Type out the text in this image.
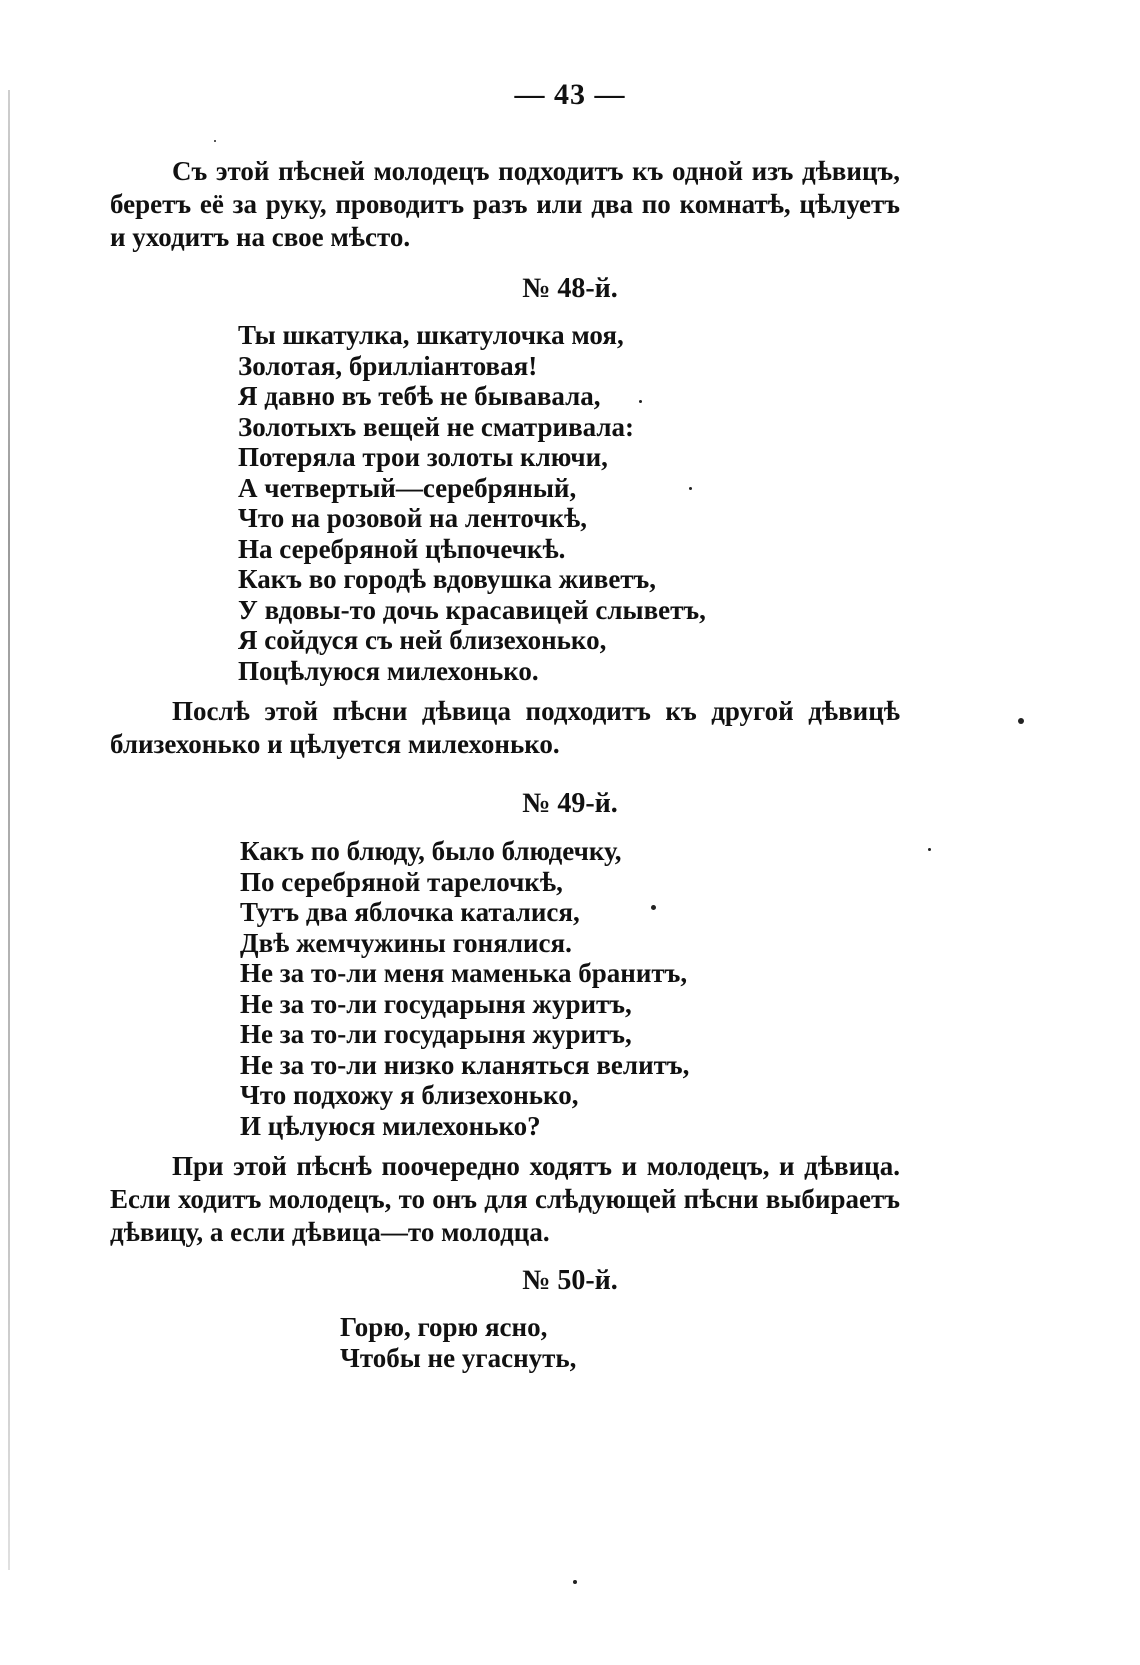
— 43 —

Съ этой пѣсней молодецъ подходитъ къ одной изъ дѣвицъ, беретъ её за руку, проводитъ разъ или два по комнатѣ, цѣлуетъ и уходитъ на свое мѣсто.

№ 48-й.
Ты шкатулка, шкатулочка моя,
Золотая, брилліантовая!
Я давно въ тебѣ не бывавала,
Золотыхъ вещей не сматривала:
Потеряла трои золоты ключи,
А четвертый—серебряный,
Что на розовой на ленточкѣ,
На серебряной цѣпочечкѣ.
Какъ во городѣ вдовушка живетъ,
У вдовы-то дочь красавицей слыветъ,
Я сойдуся съ ней близехонько,
Поцѣлуюся милехонько.

Послѣ этой пѣсни дѣвица подходитъ къ другой дѣвицѣ близехонько и цѣлуется милехонько.

№ 49-й.
Какъ по блюду, было блюдечку,
По серебряной тарелочкѣ,
Тутъ два яблочка каталися,
Двѣ жемчужины гонялися.
Не за то-ли меня маменька бранитъ,
Не за то-ли государыня журитъ,
Не за то-ли государыня журитъ,
Не за то-ли низко кланяться велитъ,
Что подхожу я близехонько,
И цѣлуюся милехонько?

При этой пѣснѣ поочередно ходятъ и молодецъ, и дѣвица. Если ходитъ молодецъ, то онъ для слѣдующей пѣсни выбираетъ дѣвицу, а если дѣвица—то молодца.

№ 50-й.
Горю, горю ясно,
Чтобы не угаснуть,
